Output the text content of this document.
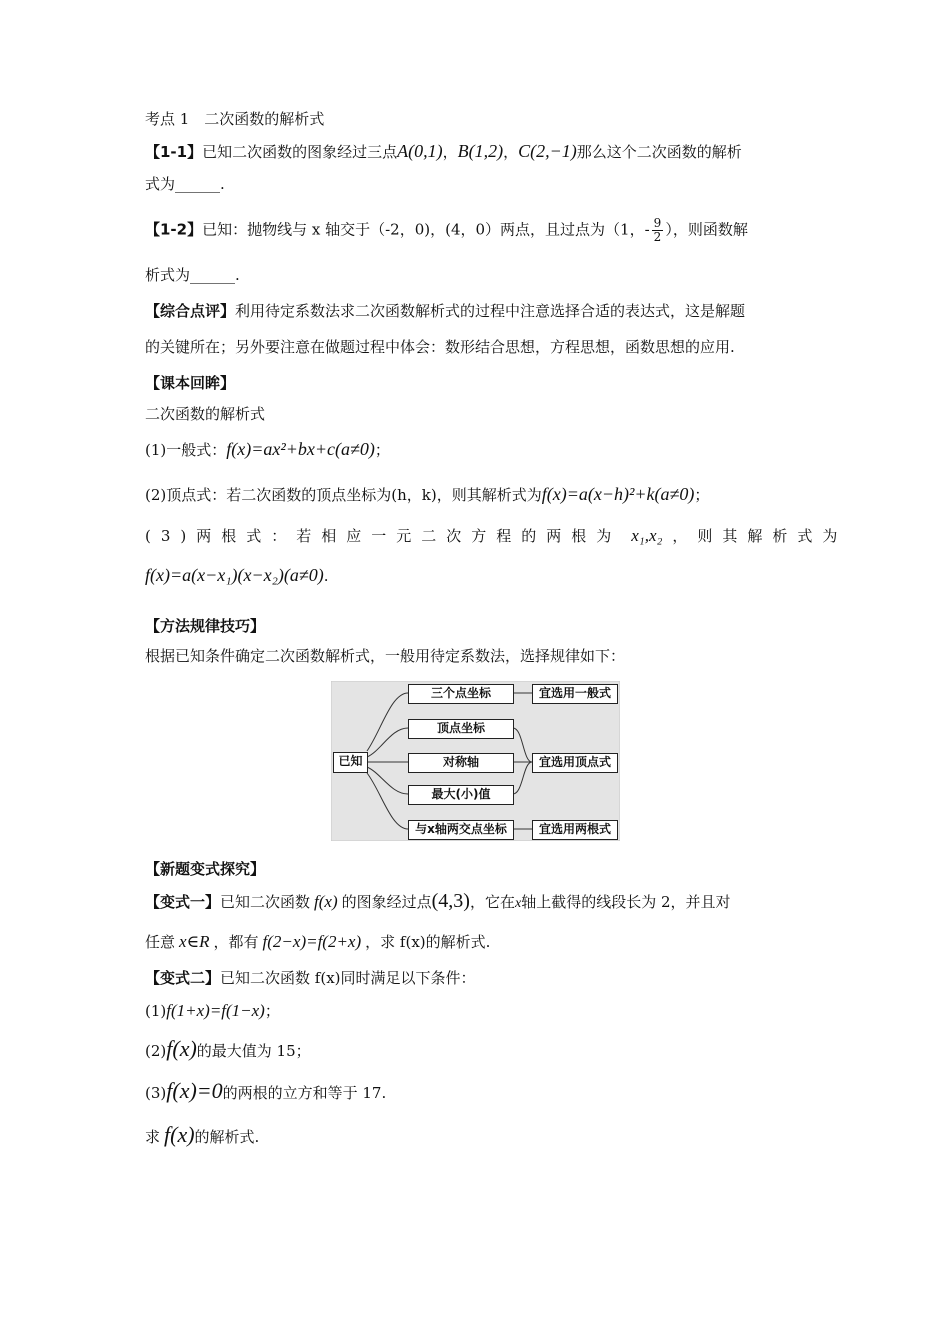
考点 1　二次函数的解析式
【1-1】已知二次函数的图象经过三点A(0,1)，B(1,2)，C(2,−1)那么这个二次函数的解析
式为______.
【1-2】已知：抛物线与 x 轴交于（-2，0)，(4，0）两点，且过点为（1，- $\frac{9}{2}$ ），则函数解
析式为______.
【综合点评】利用待定系数法求二次函数解析式的过程中注意选择合适的表达式，这是解题
的关键所在；另外要注意在做题过程中体会：数形结合思想，方程思想，函数思想的应用.
【课本回眸】
二次函数的解析式
(1)一般式：f(x)=ax²+bx+c(a≠0)；
(2)顶点式：若二次函数的顶点坐标为(h，k)，则其解析式为f(x)=a(x−h)²+k(a≠0)；
(3)两根式：若相应一元二次方程的两根为 x₁,x₂ ，则其解析式为
f(x)=a(x−x₁)(x−x₂)(a≠0).
【方法规律技巧】
根据已知条件确定二次函数解析式，一般用待定系数法，选择规律如下：
已知
三个点坐标
顶点坐标
对称轴
最大(小)值
与x轴两交点坐标
宜选用一般式
宜选用顶点式
宜选用两根式
【新题变式探究】
【变式一】已知二次函数 f(x) 的图象经过点(4,3)，它在x轴上截得的线段长为 2，并且对
任意 x∈R ，都有 f(2−x)=f(2+x) ，求 f(x)的解析式.
【变式二】已知二次函数 f(x)同时满足以下条件：
(1)f(1+x)=f(1−x)；
(2)f(x)的最大值为 15；
(3)f(x)=0的两根的立方和等于 17.
求 f(x)的解析式.
